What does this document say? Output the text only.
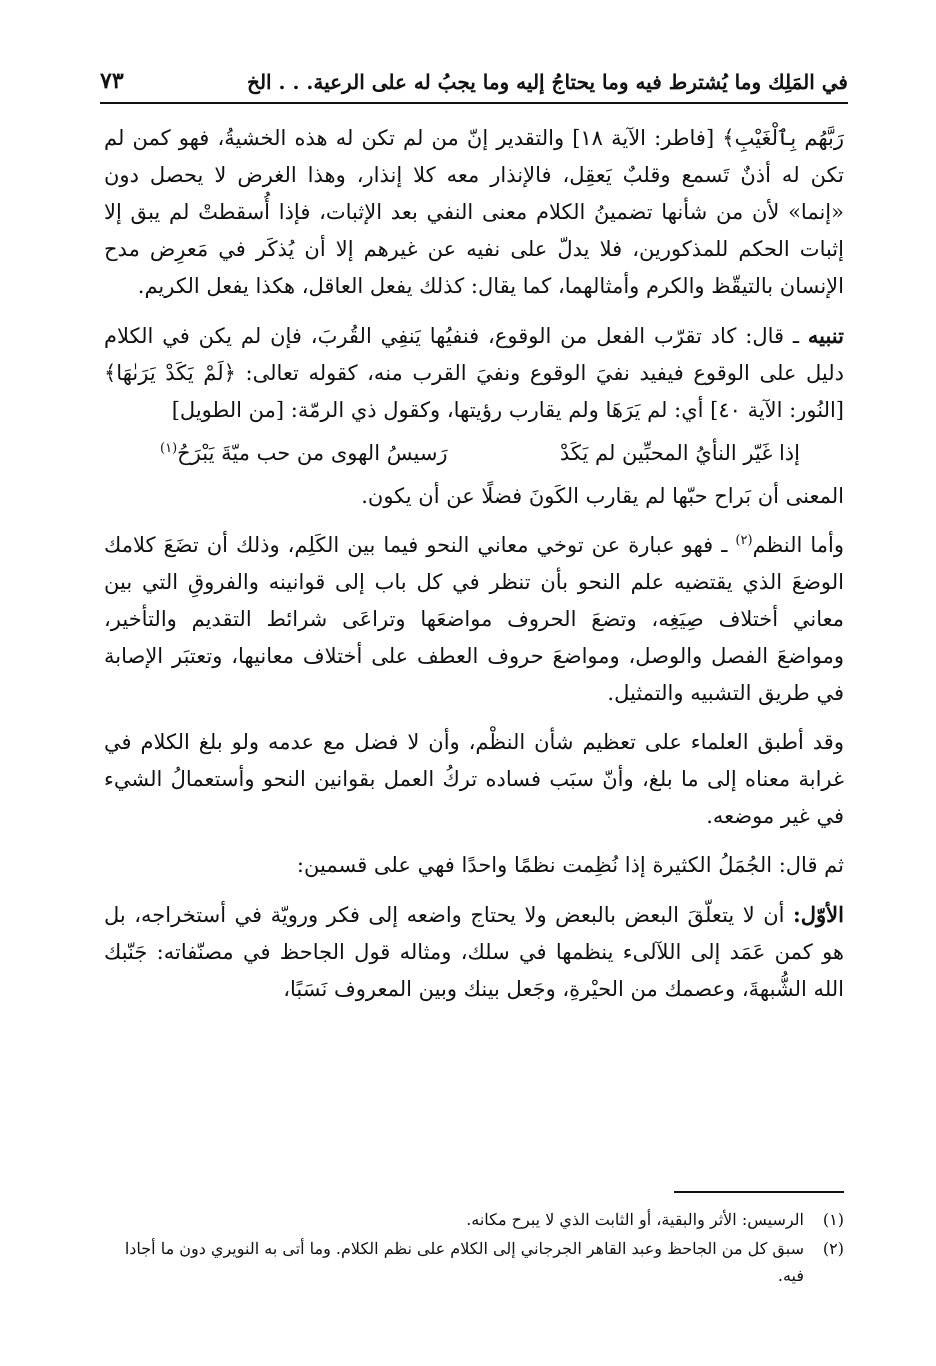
في المَلِك وما يُشترط فيه وما يحتاجُ إليه وما يجبُ له على الرعية. . . الخ
٧٣

رَبَّهُم بِٱلْغَيْبِ﴾ [فاطر: الآية ١٨] والتقدير إنّ من لم تكن له هذه الخشيةُ، فهو كمن لم تكن له أذنٌ تَسمع وقلبٌ يَعقِل، فالإنذار معه كلا إنذار، وهذا الغرض لا يحصل دون «إنما» لأن من شأنها تضمينُ الكلام معنى النفي بعد الإثبات، فإذا أُسقطتْ لم يبق إلا إثبات الحكم للمذكورين، فلا يدلّ على نفيه عن غيرهم إلا أن يُذكَر في مَعرِض مدح الإنسان بالتيقّظ والكرم وأمثالهما، كما يقال: كذلك يفعل العاقل، هكذا يفعل الكريم.

تنبيه ـ قال: كاد تقرّب الفعل من الوقوع، فنفيُها يَنفِي القُربَ، فإن لم يكن في الكلام دليل على الوقوع فيفيد نفيَ الوقوع ونفيَ القرب منه، كقوله تعالى: ﴿لَمْ يَكَدْ يَرَىٰهَا﴾ [النُور: الآية ٤٠] أي: لم يَرَهَا ولم يقارب رؤيتها، وكقول ذي الرمّة: [من الطويل]

إذا غَيّر النأيُ المحبِّين لم يَكَدْ
رَسيسُ الهوى من حب ميّةَ يَبْرَحُ$^{(١)}$

المعنى أن بَراح حبّها لم يقارب الكَونَ فضلًا عن أن يكون.

وأما النظم$^{(٢)}$ ـ فهو عبارة عن توخي معاني النحو فيما بين الكَلِم، وذلك أن تضَعَ كلامك الوضعَ الذي يقتضيه علم النحو بأن تنظر في كل باب إلى قوانينه والفروقِ التي بين معاني أختلاف صِيَغِه، وتضعَ الحروف مواضعَها وتراعَى شرائط التقديم والتأخير، ومواضعَ الفصل والوصل، ومواضعَ حروف العطف على أختلاف معانيها، وتعتبَر الإصابة في طريق التشبيه والتمثيل.

وقد أطبق العلماء على تعظيم شأن النظْم، وأن لا فضل مع عدمه ولو بلغ الكلام في غرابة معناه إلى ما بلغ، وأنّ سبَب فساده تركُ العمل بقوانين النحو وأستعمالُ الشيء في غير موضعه.

ثم قال: الجُمَلُ الكثيرة إذا نُظِمت نظمًا واحدًا فهي على قسمين:

الأوّل: أن لا يتعلّقَ البعض بالبعض ولا يحتاج واضعه إلى فكر ورويّة في أستخراجه، بل هو كمن عَمَد إلى اللآلىء ينظمها في سلك، ومثاله قول الجاحظ في مصنّفاته: جَنّبك الله الشُّبهةَ، وعصمك من الحيْرةِ، وجَعل بينك وبين المعروف نَسَبًا،

(١)
الرسيس: الأثر والبقية، أو الثابت الذي لا يبرح مكانه.
(٢)
سبق كل من الجاحظ وعبد القاهر الجرجاني إلى الكلام على نظم الكلام. وما أتى به النويري دون ما أجادا فيه.
